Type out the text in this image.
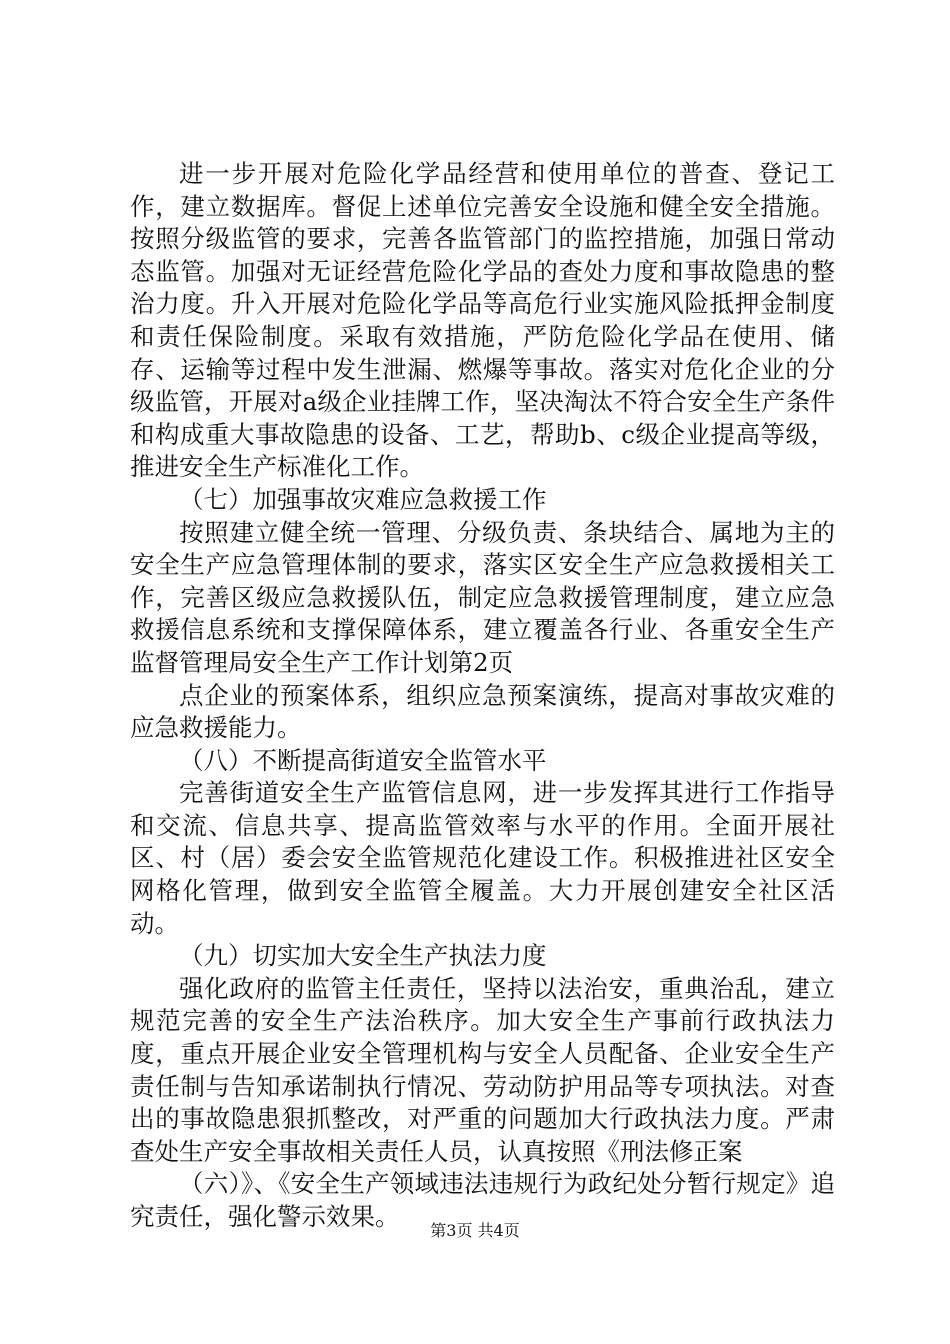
进一步开展对危险化学品经营和使用单位的普查、登记工作，建立数据库。督促上述单位完善安全设施和健全安全措施。按照分级监管的要求，完善各监管部门的监控措施，加强日常动态监管。加强对无证经营危险化学品的查处力度和事故隐患的整治力度。升入开展对危险化学品等高危行业实施风险抵押金制度和责任保险制度。采取有效措施，严防危险化学品在使用、储存、运输等过程中发生泄漏、燃爆等事故。落实对危化企业的分级监管，开展对a级企业挂牌工作，坚决淘汰不符合安全生产条件和构成重大事故隐患的设备、工艺，帮助b、c级企业提高等级，推进安全生产标准化工作。

（七）加强事故灾难应急救援工作

按照建立健全统一管理、分级负责、条块结合、属地为主的安全生产应急管理体制的要求，落实区安全生产应急救援相关工作，完善区级应急救援队伍，制定应急救援管理制度，建立应急救援信息系统和支撑保障体系，建立覆盖各行业、各重安全生产监督管理局安全生产工作计划第2页

点企业的预案体系，组织应急预案演练，提高对事故灾难的应急救援能力。

（八）不断提高街道安全监管水平

完善街道安全生产监管信息网，进一步发挥其进行工作指导和交流、信息共享、提高监管效率与水平的作用。全面开展社区、村（居）委会安全监管规范化建设工作。积极推进社区安全网格化管理，做到安全监管全履盖。大力开展创建安全社区活动。

（九）切实加大安全生产执法力度

强化政府的监管主任责任，坚持以法治安，重典治乱，建立规范完善的安全生产法治秩序。加大安全生产事前行政执法力度，重点开展企业安全管理机构与安全人员配备、企业安全生产责任制与告知承诺制执行情况、劳动防护用品等专项执法。对查出的事故隐患狠抓整改，对严重的问题加大行政执法力度。严肃查处生产安全事故相关责任人员，认真按照《刑法修正案

（六）》、《安全生产领域违法违规行为政纪处分暂行规定》追究责任，强化警示效果。	第3页 共4页
